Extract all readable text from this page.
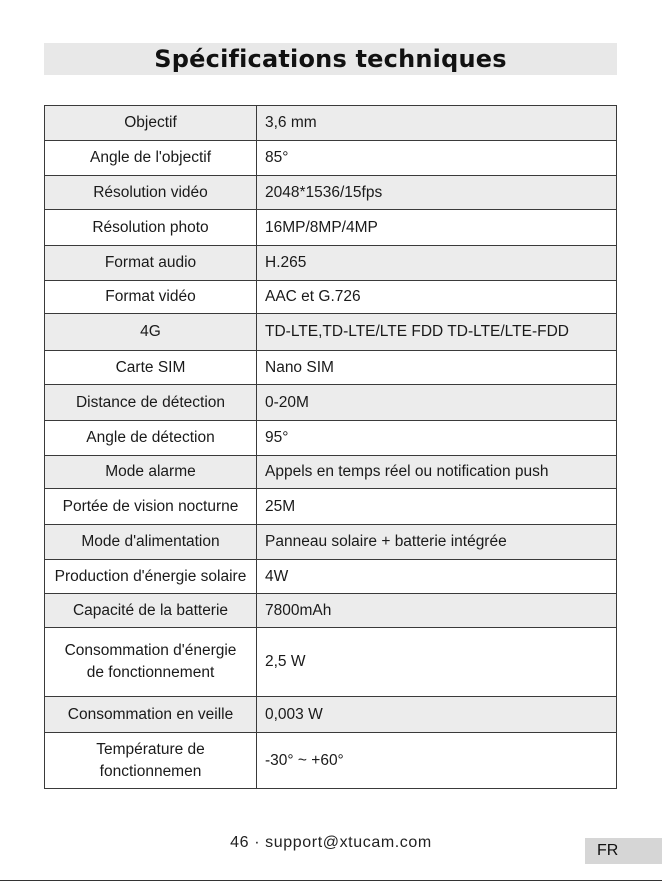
Spécifications techniques
Objectif	3,6 mm
Angle de l'objectif	85°
Résolution vidéo	2048*1536/15fps
Résolution photo	16MP/8MP/4MP
Format audio	H.265
Format vidéo	AAC et G.726
4G	TD-LTE,TD-LTE/LTE FDD TD-LTE/LTE-FDD
Carte SIM	Nano SIM
Distance de détection	0-20M
Angle de détection	95°
Mode alarme	Appels en temps réel ou notification push
Portée de vision nocturne	25M
Mode d'alimentation	Panneau solaire + batterie intégrée
Production d'énergie solaire	4W
Capacité de la batterie	7800mAh
Consommation d'énergie
de fonctionnement	2,5 W
Consommation en veille	0,003 W
Température de
fonctionnemen	-30° ~ +60°
46 · support@xtucam.com	FR
